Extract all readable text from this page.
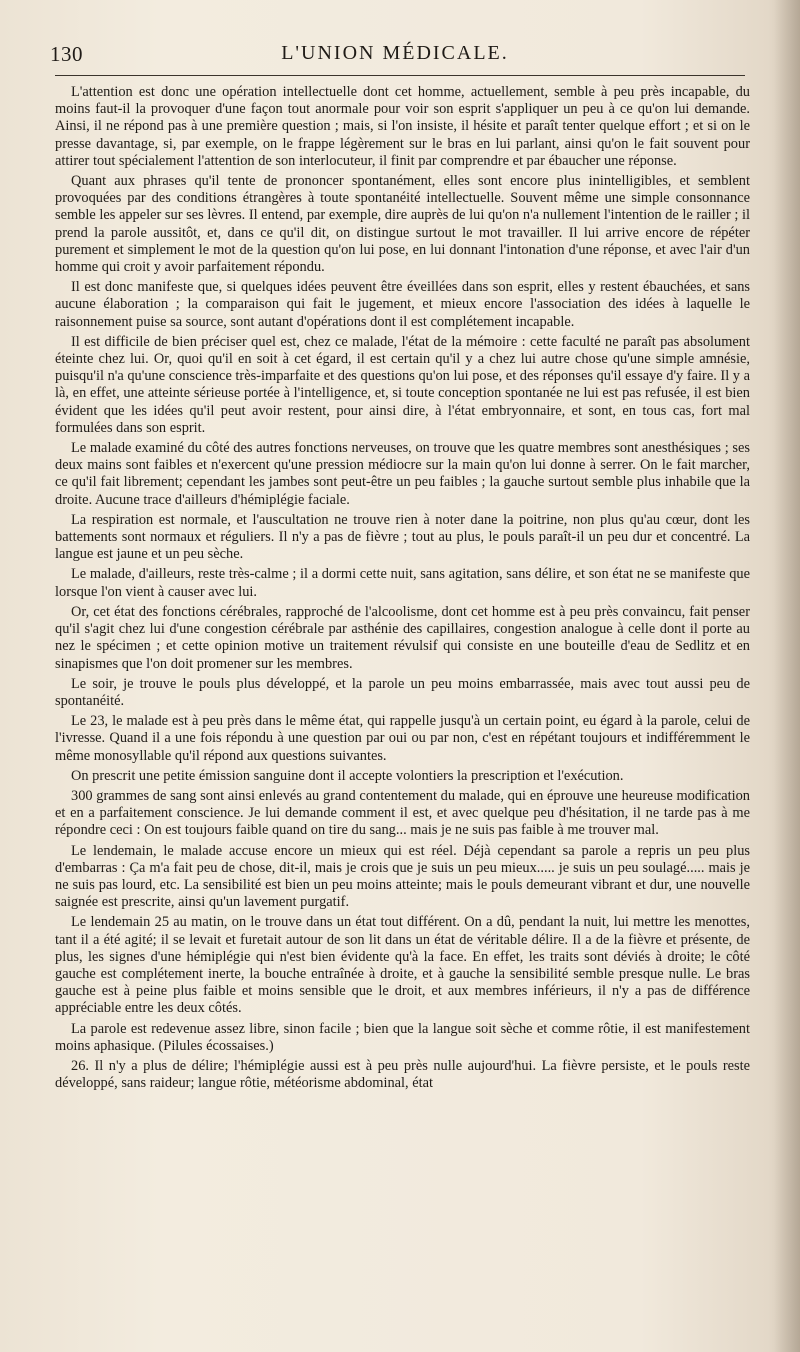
130	L'UNION MÉDICALE.

L'attention est donc une opération intellectuelle dont cet homme, actuellement, semble à peu près incapable, du moins faut-il la provoquer d'une façon tout anormale pour voir son esprit s'appliquer un peu à ce qu'on lui demande. Ainsi, il ne répond pas à une première question ; mais, si l'on insiste, il hésite et paraît tenter quelque effort ; et si on le presse davantage, si, par exemple, on le frappe légèrement sur le bras en lui parlant, ainsi qu'on le fait souvent pour attirer tout spécialement l'attention de son interlocuteur, il finit par comprendre et par ébaucher une réponse.

Quant aux phrases qu'il tente de prononcer spontanément, elles sont encore plus inintelligibles, et semblent provoquées par des conditions étrangères à toute spontanéité intellectuelle. Souvent même une simple consonnance semble les appeler sur ses lèvres. Il entend, par exemple, dire auprès de lui qu'on n'a nullement l'intention de le railler ; il prend la parole aussitôt, et, dans ce qu'il dit, on distingue surtout le mot travailler. Il lui arrive encore de répéter purement et simplement le mot de la question qu'on lui pose, en lui donnant l'intonation d'une réponse, et avec l'air d'un homme qui croit y avoir parfaitement répondu.

Il est donc manifeste que, si quelques idées peuvent être éveillées dans son esprit, elles y restent ébauchées, et sans aucune élaboration ; la comparaison qui fait le jugement, et mieux encore l'association des idées à laquelle le raisonnement puise sa source, sont autant d'opérations dont il est complétement incapable.

Il est difficile de bien préciser quel est, chez ce malade, l'état de la mémoire : cette faculté ne paraît pas absolument éteinte chez lui. Or, quoi qu'il en soit à cet égard, il est certain qu'il y a chez lui autre chose qu'une simple amnésie, puisqu'il n'a qu'une conscience très-imparfaite et des questions qu'on lui pose, et des réponses qu'il essaye d'y faire. Il y a là, en effet, une atteinte sérieuse portée à l'intelligence, et, si toute conception spontanée ne lui est pas refusée, il est bien évident que les idées qu'il peut avoir restent, pour ainsi dire, à l'état embryonnaire, et sont, en tous cas, fort mal formulées dans son esprit.

Le malade examiné du côté des autres fonctions nerveuses, on trouve que les quatre membres sont anesthésiques ; ses deux mains sont faibles et n'exercent qu'une pression médiocre sur la main qu'on lui donne à serrer. On le fait marcher, ce qu'il fait librement; cependant les jambes sont peut-être un peu faibles ; la gauche surtout semble plus inhabile que la droite. Aucune trace d'ailleurs d'hémiplégie faciale.

La respiration est normale, et l'auscultation ne trouve rien à noter dane la poitrine, non plus qu'au cœur, dont les battements sont normaux et réguliers. Il n'y a pas de fièvre ; tout au plus, le pouls paraît-il un peu dur et concentré. La langue est jaune et un peu sèche.

Le malade, d'ailleurs, reste très-calme ; il a dormi cette nuit, sans agitation, sans délire, et son état ne se manifeste que lorsque l'on vient à causer avec lui.

Or, cet état des fonctions cérébrales, rapproché de l'alcoolisme, dont cet homme est à peu près convaincu, fait penser qu'il s'agit chez lui d'une congestion cérébrale par asthénie des capillaires, congestion analogue à celle dont il porte au nez le spécimen ; et cette opinion motive un traitement révulsif qui consiste en une bouteille d'eau de Sedlitz et en sinapismes que l'on doit promener sur les membres.

Le soir, je trouve le pouls plus développé, et la parole un peu moins embarrassée, mais avec tout aussi peu de spontanéité.

Le 23, le malade est à peu près dans le même état, qui rappelle jusqu'à un certain point, eu égard à la parole, celui de l'ivresse. Quand il a une fois répondu à une question par oui ou par non, c'est en répétant toujours et indifféremment le même monosyllable qu'il répond aux questions suivantes.

On prescrit une petite émission sanguine dont il accepte volontiers la prescription et l'exécution.

300 grammes de sang sont ainsi enlevés au grand contentement du malade, qui en éprouve une heureuse modification et en a parfaitement conscience. Je lui demande comment il est, et avec quelque peu d'hésitation, il ne tarde pas à me répondre ceci : On est toujours faible quand on tire du sang... mais je ne suis pas faible à me trouver mal.

Le lendemain, le malade accuse encore un mieux qui est réel. Déjà cependant sa parole a repris un peu plus d'embarras : Ça m'a fait peu de chose, dit-il, mais je crois que je suis un peu mieux..... je suis un peu soulagé..... mais je ne suis pas lourd, etc. La sensibilité est bien un peu moins atteinte; mais le pouls demeurant vibrant et dur, une nouvelle saignée est prescrite, ainsi qu'un lavement purgatif.

Le lendemain 25 au matin, on le trouve dans un état tout différent. On a dû, pendant la nuit, lui mettre les menottes, tant il a été agité; il se levait et furetait autour de son lit dans un état de véritable délire. Il a de la fièvre et présente, de plus, les signes d'une hémiplégie qui n'est bien évidente qu'à la face. En effet, les traits sont déviés à droite; le côté gauche est complétement inerte, la bouche entraînée à droite, et à gauche la sensibilité semble presque nulle. Le bras gauche est à peine plus faible et moins sensible que le droit, et aux membres inférieurs, il n'y a pas de différence appréciable entre les deux côtés.

La parole est redevenue assez libre, sinon facile ; bien que la langue soit sèche et comme rôtie, il est manifestement moins aphasique. (Pilules écossaises.)

26. Il n'y a plus de délire; l'hémiplégie aussi est à peu près nulle aujourd'hui. La fièvre persiste, et le pouls reste développé, sans raideur; langue rôtie, météorisme abdominal, état
